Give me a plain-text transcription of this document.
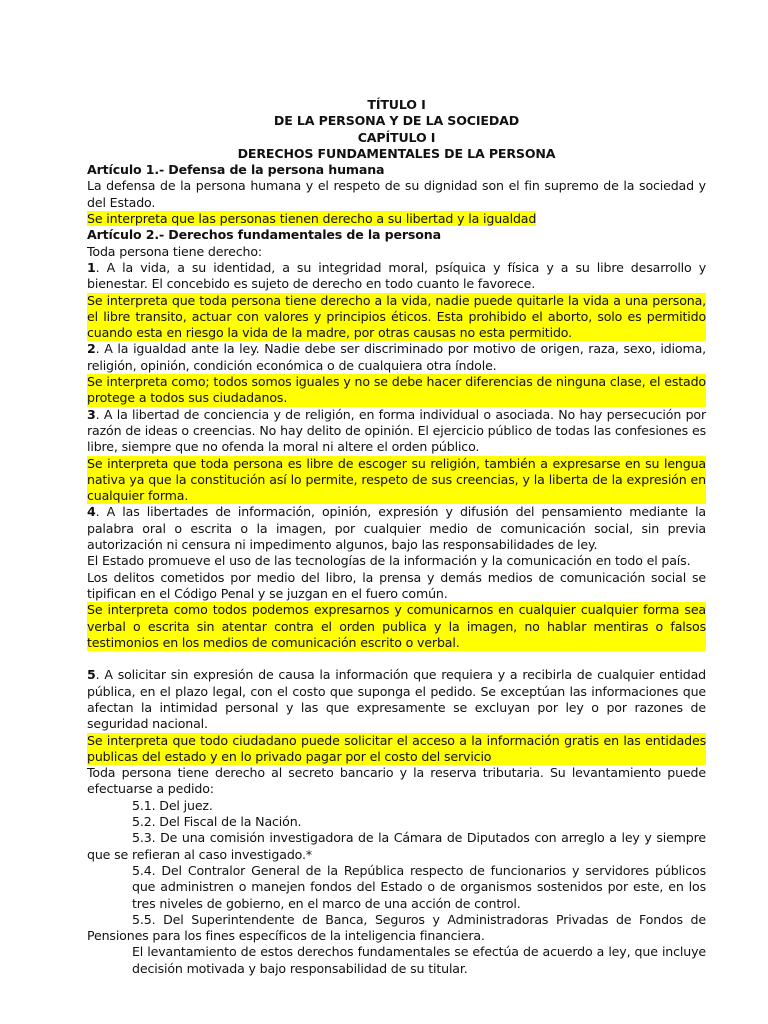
TÍTULO I

DE LA PERSONA Y DE LA SOCIEDAD

CAPÍTULO I

DERECHOS FUNDAMENTALES DE LA PERSONA

Artículo 1.- Defensa de la persona humana

La defensa de la persona humana y el respeto de su dignidad son el fin supremo de la sociedad y del Estado.

Se interpreta que las personas tienen derecho a su libertad y la igualdad

Artículo 2.- Derechos fundamentales de la persona

Toda persona tiene derecho:

1. A la vida, a su identidad, a su integridad moral, psíquica y física y a su libre desarrollo y bienestar. El concebido es sujeto de derecho en todo cuanto le favorece.

Se interpreta que toda persona tiene derecho a la vida, nadie puede quitarle la vida a una persona, el libre transito, actuar con valores y principios éticos. Esta prohibido el aborto, solo es permitido cuando esta en riesgo la vida de la madre, por otras causas no esta permitido.

2. A la igualdad ante la ley. Nadie debe ser discriminado por motivo de origen, raza, sexo, idioma, religión, opinión, condición económica o de cualquiera otra índole.

Se interpreta como; todos somos iguales y no se debe hacer diferencias de ninguna clase, el estado protege a todos sus ciudadanos.

3. A la libertad de conciencia y de religión, en forma individual o asociada. No hay persecución por razón de ideas o creencias. No hay delito de opinión. El ejercicio público de todas las confesiones es libre, siempre que no ofenda la moral ni altere el orden público.

Se interpreta que toda persona es libre de escoger su religión, también a expresarse en su lengua nativa ya que la constitución así lo permite, respeto de sus creencias, y la liberta de la expresión en cualquier forma.

4. A las libertades de información, opinión, expresión y difusión del pensamiento mediante la palabra oral o escrita o la imagen, por cualquier medio de comunicación social, sin previa autorización ni censura ni impedimento algunos, bajo las responsabilidades de ley.

El Estado promueve el uso de las tecnologías de la información y la comunicación en todo el país.

Los delitos cometidos por medio del libro, la prensa y demás medios de comunicación social se tipifican en el Código Penal y se juzgan en el fuero común.

Se interpreta como todos podemos expresarnos y comunicarnos en cualquier cualquier forma sea verbal o escrita sin atentar contra el orden publica y la imagen, no hablar mentiras o falsos testimonios en los medios de comunicación escrito o verbal.

5. A solicitar sin expresión de causa la información que requiera y a recibirla de cualquier entidad pública, en el plazo legal, con el costo que suponga el pedido. Se exceptúan las informaciones que afectan la intimidad personal y las que expresamente se excluyan por ley o por razones de seguridad nacional.

Se interpreta que todo ciudadano puede solicitar el acceso a la información gratis en las entidades publicas del estado y en lo privado pagar por el costo del servicio

Toda persona tiene derecho al secreto bancario y la reserva tributaria. Su levantamiento puede efectuarse a pedido:

5.1. Del juez.

5.2. Del Fiscal de la Nación.

5.3. De una comisión investigadora de la Cámara de Diputados con arreglo a ley y siempre que se refieran al caso investigado.*

5.4. Del Contralor General de la República respecto de funcionarios y servidores públicos que administren o manejen fondos del Estado o de organismos sostenidos por este, en los tres niveles de gobierno, en el marco de una acción de control.

5.5. Del Superintendente de Banca, Seguros y Administradoras Privadas de Fondos de Pensiones para los fines específicos de la inteligencia financiera.

El levantamiento de estos derechos fundamentales se efectúa de acuerdo a ley, que incluye decisión motivada y bajo responsabilidad de su titular.
